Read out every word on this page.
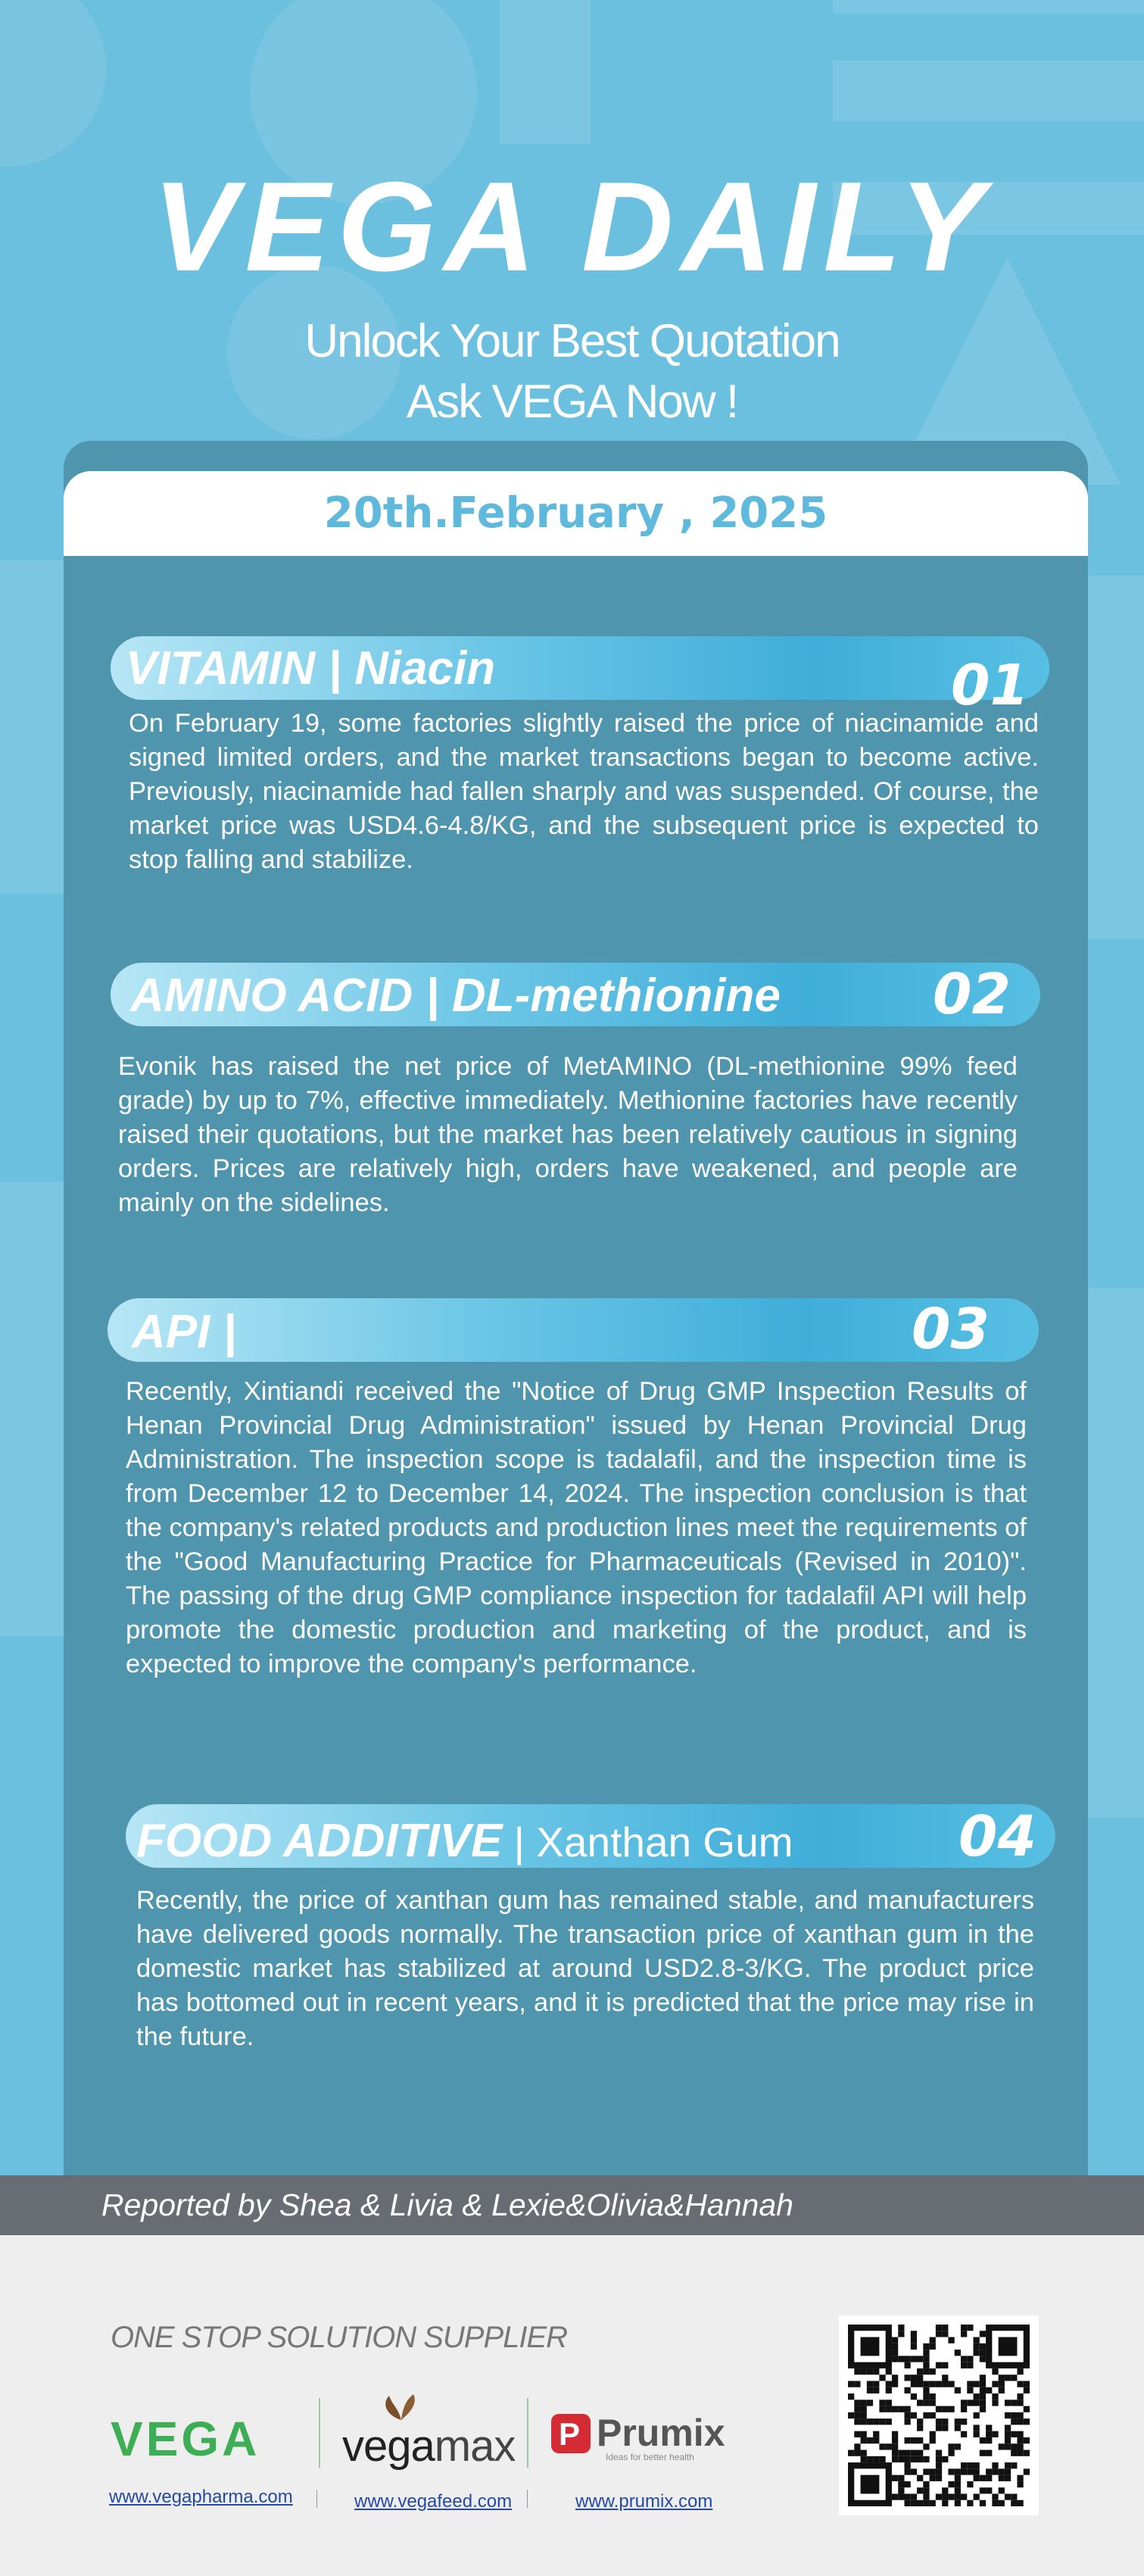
VEGA DAILY
Unlock Your Best Quotation
Ask VEGA Now !
20th.February , 2025
VITAMIN | Niacin	01
On February 19, some factories slightly raised the price of niacinamide and signed limited orders, and the market transactions began to become active. Previously, niacinamide had fallen sharply and was suspended. Of course, the market price was USD4.6-4.8/KG, and the subsequent price is expected to stop falling and stabilize.
AMINO ACID | DL-methionine	02
Evonik has raised the net price of MetAMINO (DL-methionine 99% feed grade) by up to 7%, effective immediately. Methionine factories have recently raised their quotations, but the market has been relatively cautious in signing orders. Prices are relatively high, orders have weakened, and people are mainly on the sidelines.
API |	03
Recently, Xintiandi received the "Notice of Drug GMP Inspection Results of Henan Provincial Drug Administration" issued by Henan Provincial Drug Administration. The inspection scope is tadalafil, and the inspection time is from December 12 to December 14, 2024. The inspection conclusion is that the company's related products and production lines meet the requirements of the "Good Manufacturing Practice for Pharmaceuticals (Revised in 2010)". The passing of the drug GMP compliance inspection for tadalafil API will help promote the domestic production and marketing of the product, and is expected to improve the company's performance.
FOOD ADDITIVE | Xanthan Gum	04
Recently, the price of xanthan gum has remained stable, and manufacturers have delivered goods normally. The transaction price of xanthan gum in the domestic market has stabilized at around USD2.8-3/KG. The product price has bottomed out in recent years, and it is predicted that the price may rise in the future.
Reported by Shea & Livia & Lexie&Olivia&Hannah
ONE STOP SOLUTION SUPPLIER
VEGA vegamax P Prumix
Ideas for better health
www.vegapharma.com	www.vegafeed.com	www.prumix.com
